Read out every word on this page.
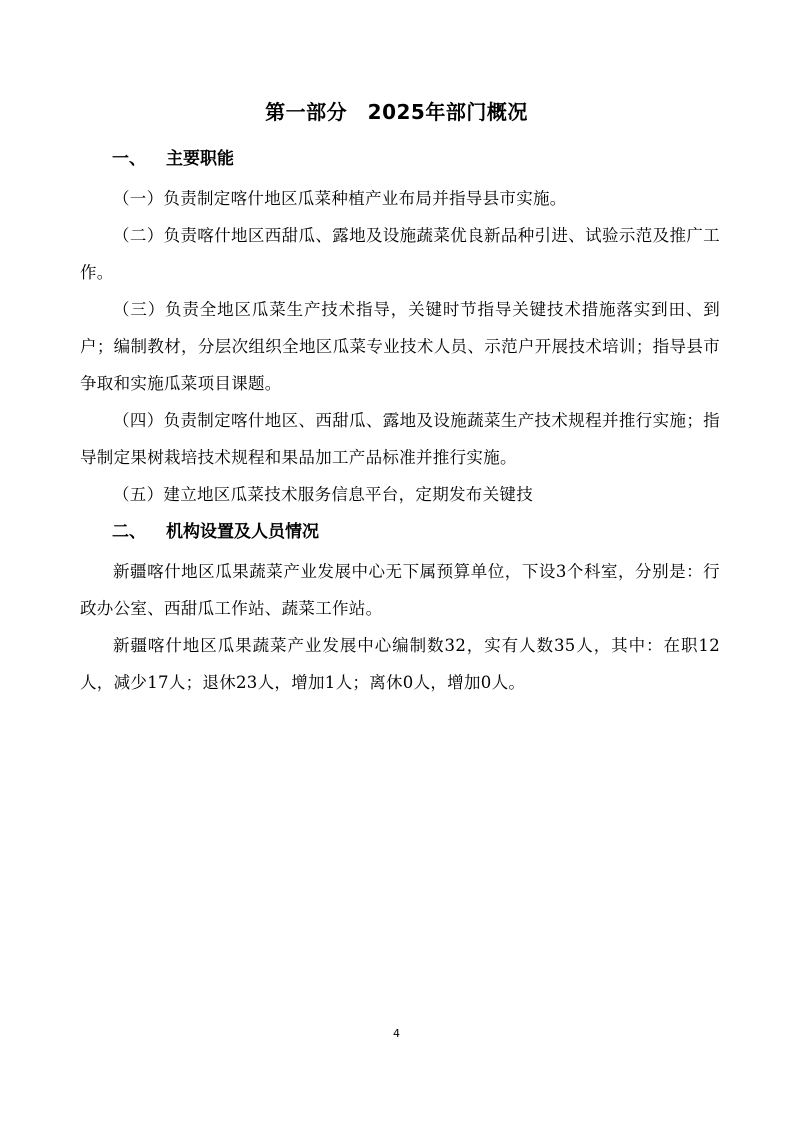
第一部分　2025年部门概况
一、 主要职能

（一）负责制定喀什地区瓜菜种植产业布局并指导县市实施。

（二）负责喀什地区西甜瓜、露地及设施蔬菜优良新品种引进、试验示范及推广工作。

（三）负责全地区瓜菜生产技术指导，关键时节指导关键技术措施落实到田、到户；编制教材，分层次组织全地区瓜菜专业技术人员、示范户开展技术培训；指导县市争取和实施瓜菜项目课题。

（四）负责制定喀什地区、西甜瓜、露地及设施蔬菜生产技术规程并推行实施；指导制定果树栽培技术规程和果品加工产品标准并推行实施。

（五）建立地区瓜菜技术服务信息平台，定期发布关键技

二、 机构设置及人员情况

新疆喀什地区瓜果蔬菜产业发展中心无下属预算单位，下设3个科室，分别是：行政办公室、西甜瓜工作站、蔬菜工作站。

新疆喀什地区瓜果蔬菜产业发展中心编制数32，实有人数35人，其中：在职12人，减少17人；退休23人，增加1人；离休0人，增加0人。

4
